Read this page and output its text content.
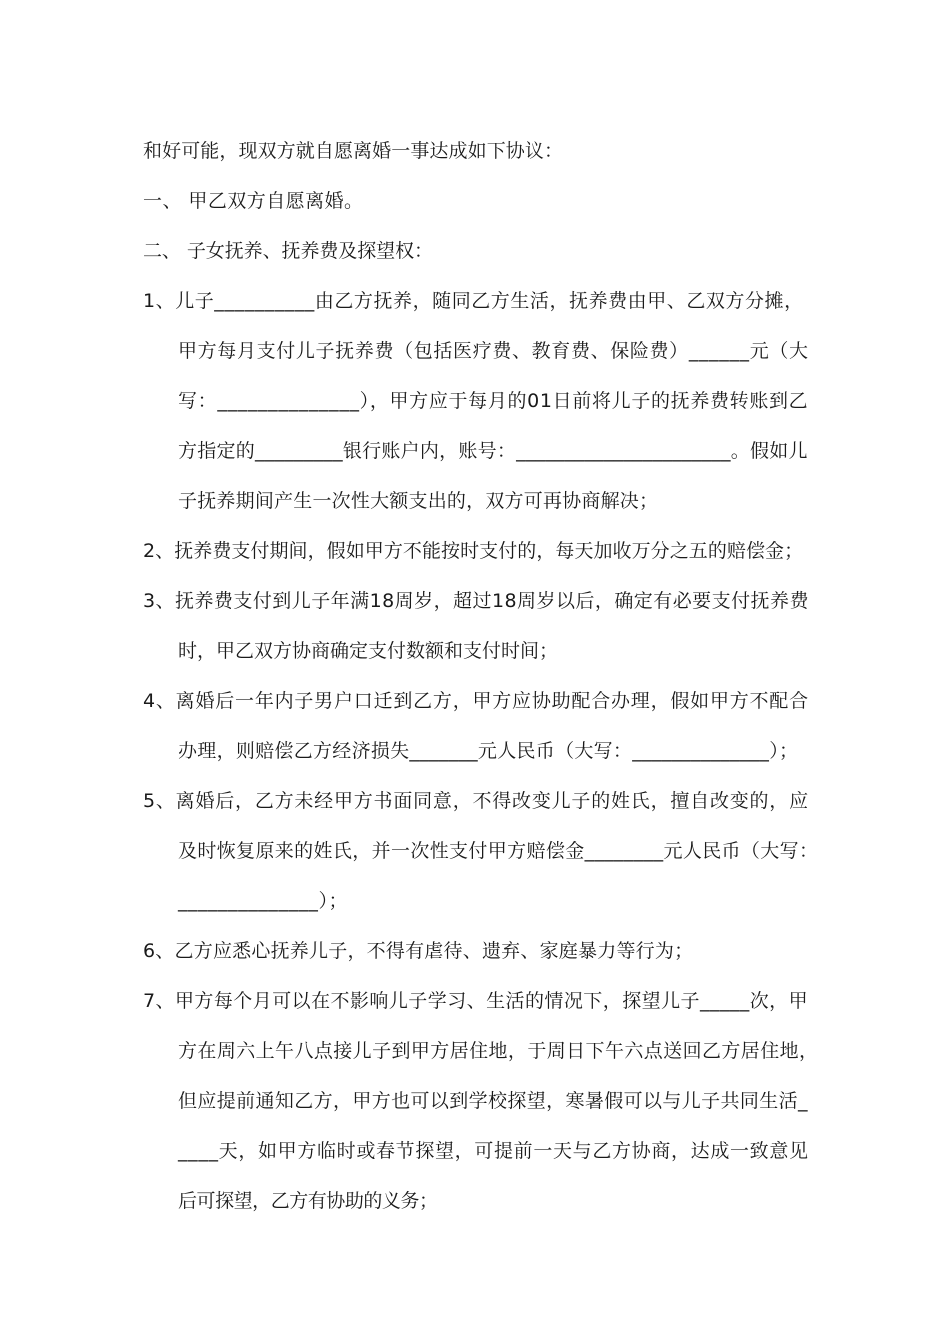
和好可能，现双方就自愿离婚一事达成如下协议：
一、 甲乙双方自愿离婚。
二、 子女抚养、抚养费及探望权：
1、儿子__________由乙方抚养，随同乙方生活，抚养费由甲、乙双方分摊，
甲方每月支付儿子抚养费（包括医疗费、教育费、保险费）______元（大
写：______________），甲方应于每月的01日前将儿子的抚养费转账到乙
方指定的_________银行账户内，账号：______________________。假如儿
子抚养期间产生一次性大额支出的，双方可再协商解决；
2、抚养费支付期间，假如甲方不能按时支付的，每天加收万分之五的赔偿金；
3、抚养费支付到儿子年满18周岁，超过18周岁以后，确定有必要支付抚养费
时，甲乙双方协商确定支付数额和支付时间；
4、离婚后一年内子男户口迁到乙方，甲方应协助配合办理，假如甲方不配合
办理，则赔偿乙方经济损失_______元人民币（大写：______________）；
5、离婚后，乙方未经甲方书面同意，不得改变儿子的姓氏，擅自改变的，应
及时恢复原来的姓氏，并一次性支付甲方赔偿金________元人民币（大写：
______________）；
6、乙方应悉心抚养儿子，不得有虐待、遗弃、家庭暴力等行为；
7、甲方每个月可以在不影响儿子学习、生活的情况下，探望儿子_____次，甲
方在周六上午八点接儿子到甲方居住地，于周日下午六点送回乙方居住地，
但应提前通知乙方，甲方也可以到学校探望，寒暑假可以与儿子共同生活_
____天，如甲方临时或春节探望，可提前一天与乙方协商，达成一致意见
后可探望，乙方有协助的义务；
